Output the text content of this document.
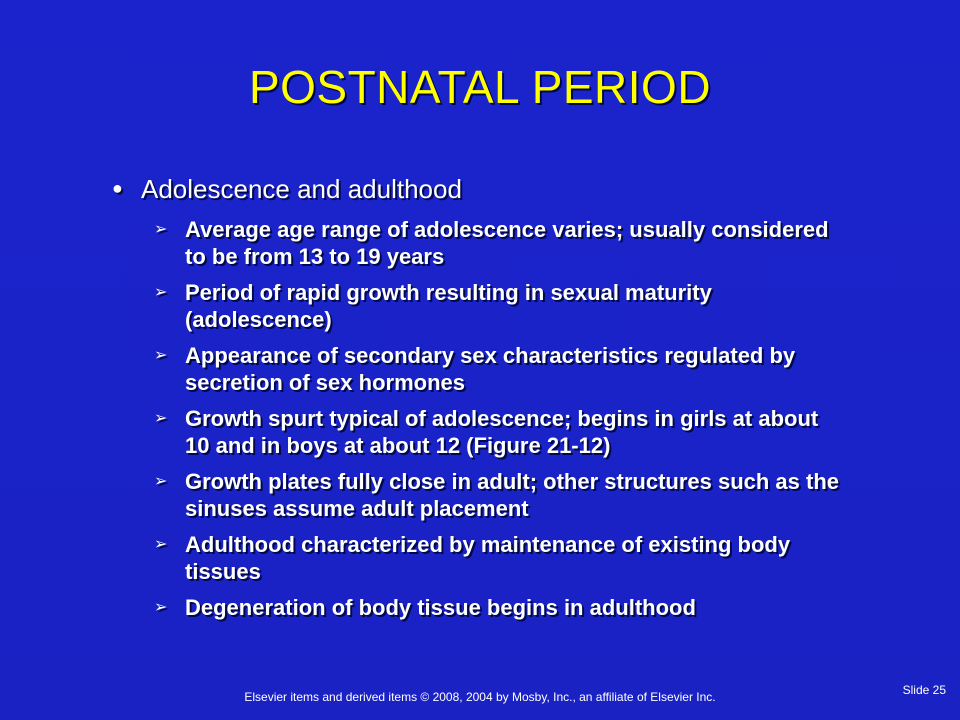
POSTNATAL PERIOD
● Adolescence and adulthood
➢ Average age range of adolescence varies; usually considered to be from 13 to 19 years
➢ Period of rapid growth resulting in sexual maturity (adolescence)
➢ Appearance of secondary sex characteristics regulated by secretion of sex hormones
➢ Growth spurt typical of adolescence; begins in girls at about 10 and in boys at about 12 (Figure 21-12)
➢ Growth plates fully close in adult; other structures such as the sinuses assume adult placement
➢ Adulthood characterized by maintenance of existing body tissues
➢ Degeneration of body tissue begins in adulthood
Elsevier items and derived items © 2008, 2004 by Mosby, Inc., an affiliate of Elsevier Inc.	Slide 25
